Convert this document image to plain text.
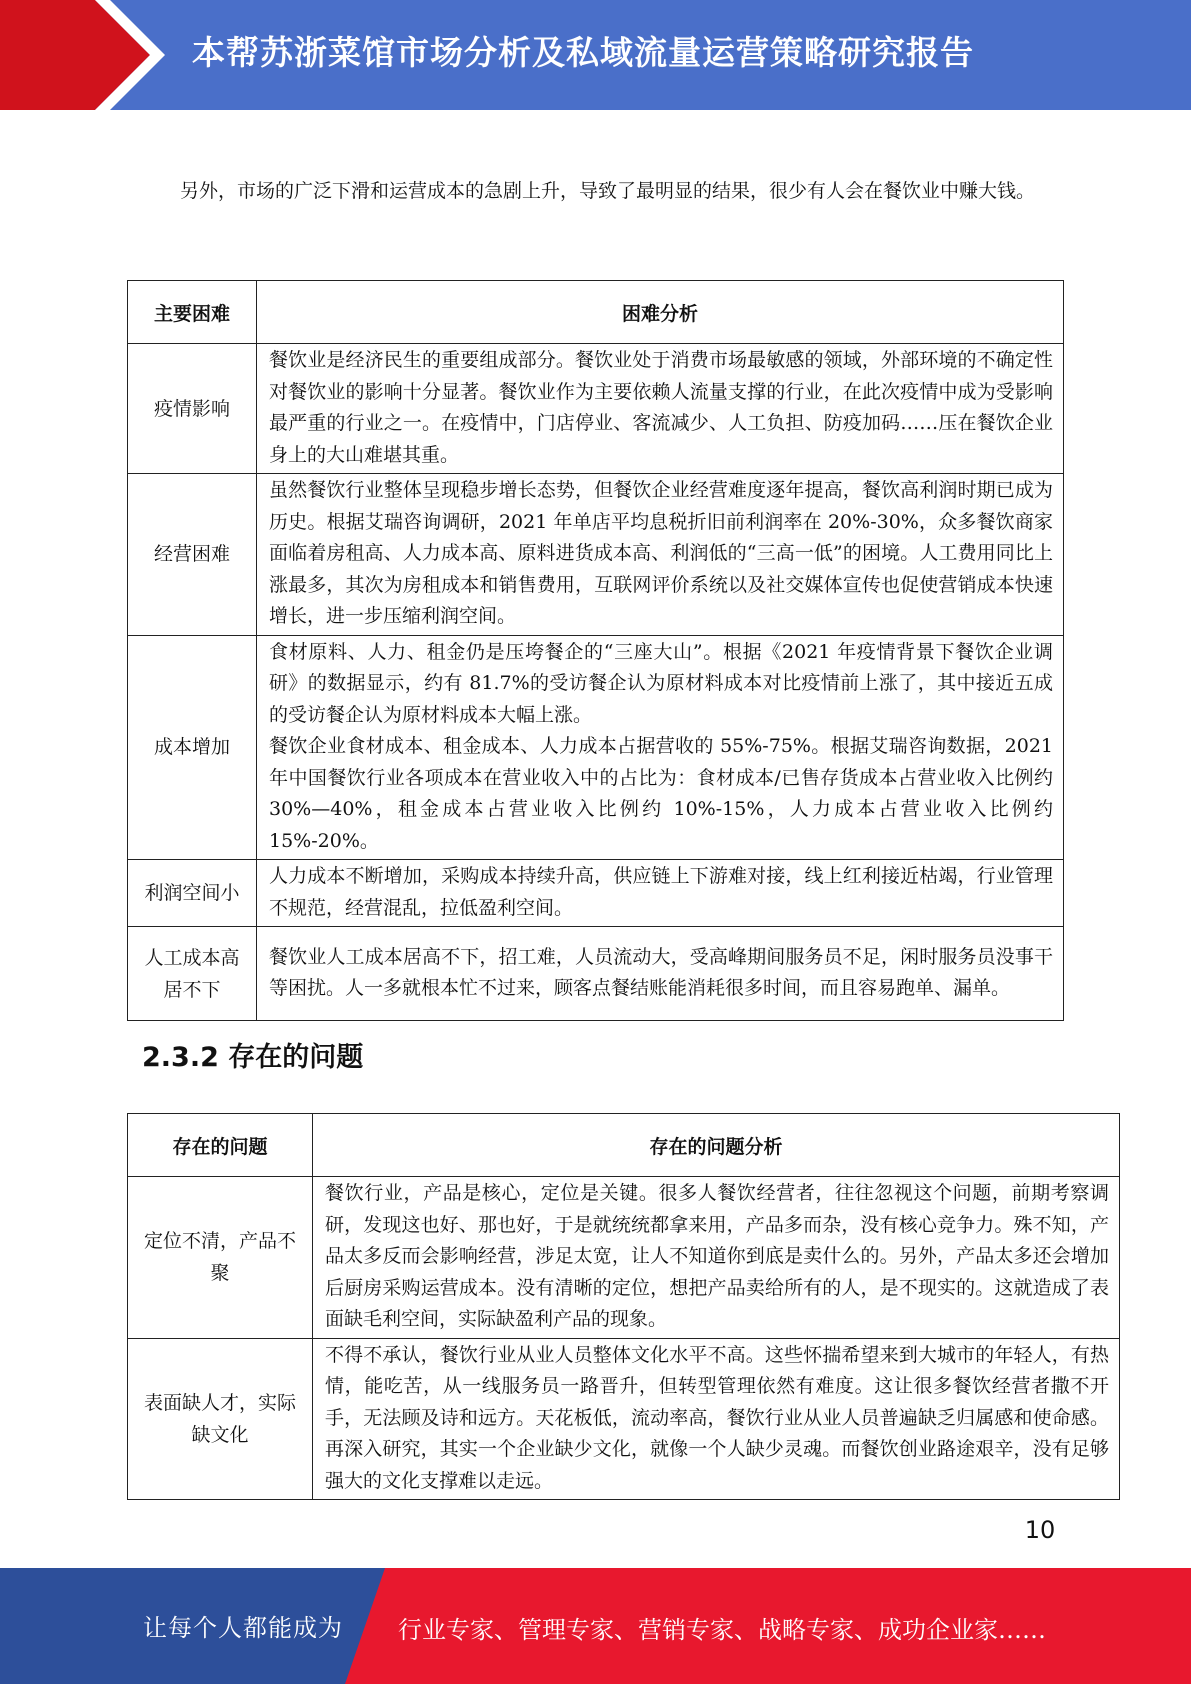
本帮苏浙菜馆市场分析及私域流量运营策略研究报告

另外，市场的广泛下滑和运营成本的急剧上升，导致了最明显的结果，很少有人会在餐饮业中赚大钱。

主要困难	困难分析
疫情影响	餐饮业是经济民生的重要组成部分。餐饮业处于消费市场最敏感的领域，外部环境的不确定性对餐饮业的影响十分显著。餐饮业作为主要依赖人流量支撑的行业，在此次疫情中成为受影响最严重的行业之一。在疫情中，门店停业、客流减少、人工负担、防疫加码……压在餐饮企业身上的大山难堪其重。
经营困难	虽然餐饮行业整体呈现稳步增长态势，但餐饮企业经营难度逐年提高，餐饮高利润时期已成为历史。根据艾瑞咨询调研，2021 年单店平均息税折旧前利润率在 20%-30%，众多餐饮商家面临着房租高、人力成本高、原料进货成本高、利润低的“三高一低”的困境。人工费用同比上涨最多，其次为房租成本和销售费用，互联网评价系统以及社交媒体宣传也促使营销成本快速增长，进一步压缩利润空间。
成本增加	食材原料、人力、租金仍是压垮餐企的“三座大山”。根据《2021 年疫情背景下餐饮企业调研》的数据显示，约有 81.7%的受访餐企认为原材料成本对比疫情前上涨了，其中接近五成的受访餐企认为原材料成本大幅上涨。
餐饮企业食材成本、租金成本、人力成本占据营收的 55%-75%。根据艾瑞咨询数据，2021 年中国餐饮行业各项成本在营业收入中的占比为：食材成本/已售存货成本占营业收入比例约 30%—40%，租金成本占营业收入比例约 10%-15%，人力成本占营业收入比例约 15%-20%。

利润空间小	人力成本不断增加，采购成本持续升高，供应链上下游难对接，线上红利接近枯竭，行业管理不规范，经营混乱，拉低盈利空间。
人工成本高居不下	餐饮业人工成本居高不下，招工难，人员流动大，受高峰期间服务员不足，闲时服务员没事干等困扰。人一多就根本忙不过来，顾客点餐结账能消耗很多时间，而且容易跑单、漏单。
2.3.2 存在的问题
存在的问题	存在的问题分析
定位不清，产品不聚	餐饮行业，产品是核心，定位是关键。很多人餐饮经营者，往往忽视这个问题，前期考察调研，发现这也好、那也好，于是就统统都拿来用，产品多而杂，没有核心竞争力。殊不知，产品太多反而会影响经营，涉足太宽，让人不知道你到底是卖什么的。另外，产品太多还会增加后厨房采购运营成本。没有清晰的定位，想把产品卖给所有的人，是不现实的。这就造成了表面缺毛利空间，实际缺盈利产品的现象。
表面缺人才，实际缺文化	不得不承认，餐饮行业从业人员整体文化水平不高。这些怀揣希望来到大城市的年轻人，有热情，能吃苦，从一线服务员一路晋升，但转型管理依然有难度。这让很多餐饮经营者撒不开手，无法顾及诗和远方。天花板低，流动率高，餐饮行业从业人员普遍缺乏归属感和使命感。再深入研究，其实一个企业缺少文化，就像一个人缺少灵魂。而餐饮创业路途艰辛，没有足够强大的文化支撑难以走远。
10
让每个人都能成为 行业专家、管理专家、营销专家、战略专家、成功企业家……
